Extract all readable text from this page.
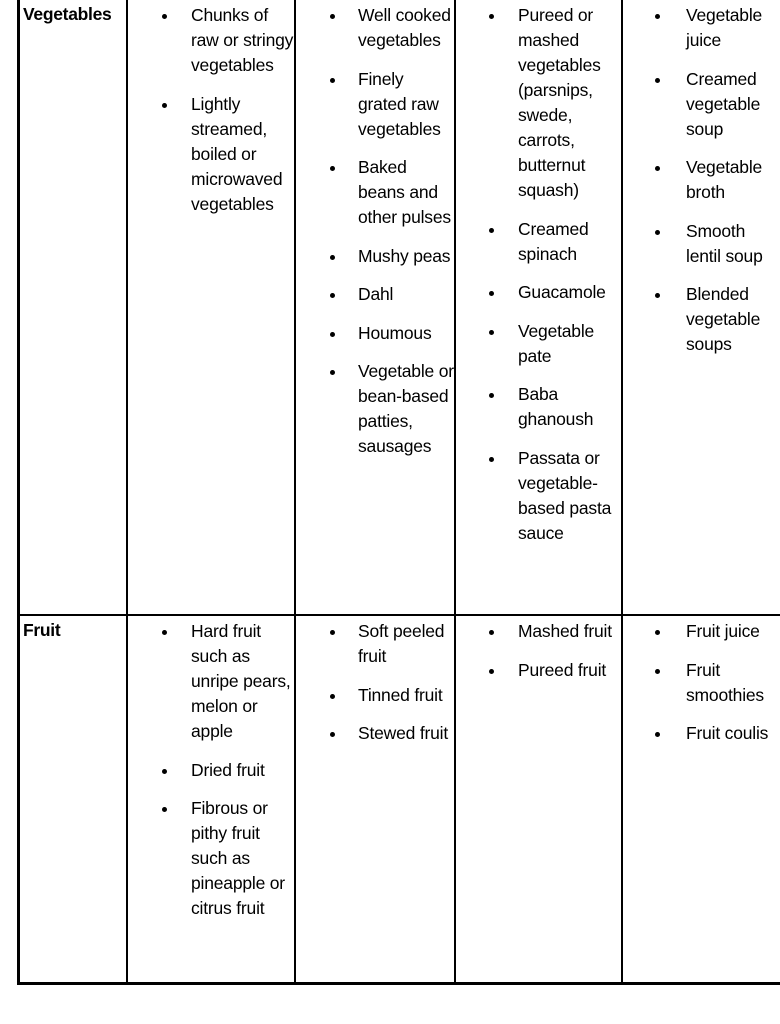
Vegetables	Chunks of raw or stringy vegetables
Lightly streamed, boiled or microwaved vegetables
Well cooked vegetables
Finely grated raw vegetables
Baked beans and other pulses
Mushy peas
Dahl
Houmous
Vegetable or bean-based patties, sausages
Pureed or mashed vegetables (parsnips, swede, carrots, butternut squash)
Creamed spinach
Guacamole
Vegetable pate
Baba ghanoush
Passata or vegetable-based pasta sauce
Vegetable juice
Creamed vegetable soup
Vegetable broth
Smooth lentil soup
Blended vegetable soups
Fruit	Hard fruit such as unripe pears, melon or apple
Dried fruit
Fibrous or pithy fruit such as pineapple or citrus fruit
Soft peeled fruit
Tinned fruit
Stewed fruit
Mashed fruit
Pureed fruit
Fruit juice
Fruit smoothies
Fruit coulis
